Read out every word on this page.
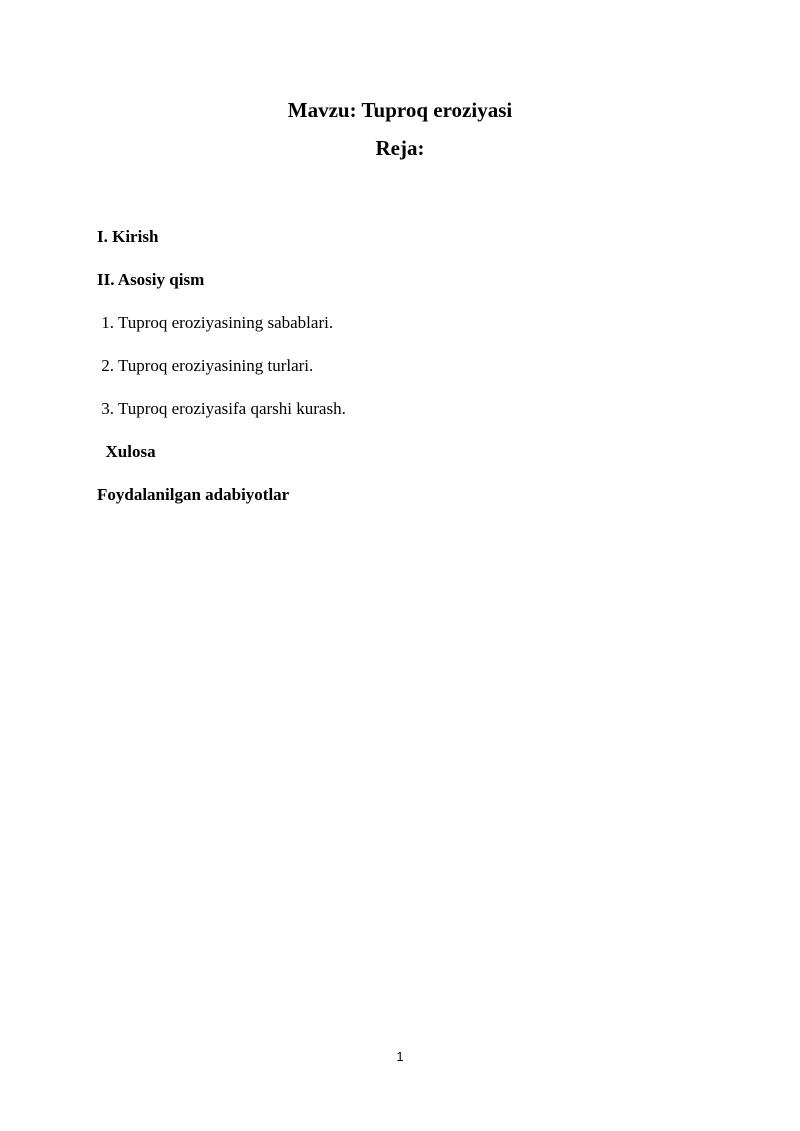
Mavzu: Tuproq eroziyasi
Reja:
I. Kirish
II. Asosiy qism
1. Tuproq eroziyasining sabablari.
2. Tuproq eroziyasining turlari.
3. Tuproq eroziyasifa qarshi kurash.
Xulosa
Foydalanilgan adabiyotlar
1
